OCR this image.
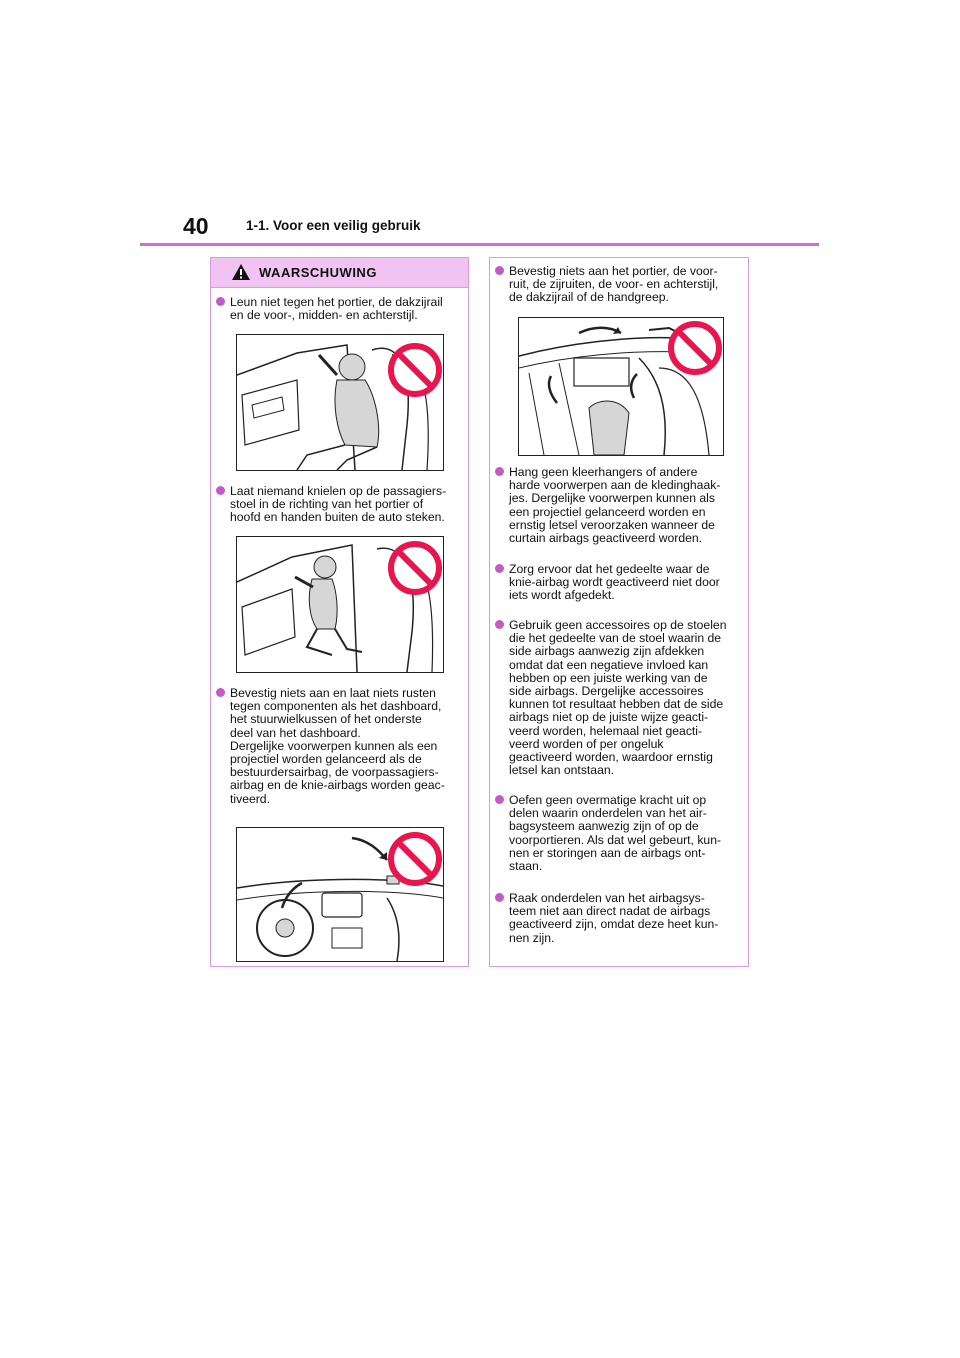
40	1-1. Voor een veilig gebruik
WAARSCHUWING
Leun niet tegen het portier, de dakzijrail
en de voor-, midden- en achterstijl.
Laat niemand knielen op de passagiers-
stoel in de richting van het portier of
hoofd en handen buiten de auto steken.
Bevestig niets aan en laat niets rusten
tegen componenten als het dashboard,
het stuurwielkussen of het onderste
deel van het dashboard.
Dergelijke voorwerpen kunnen als een
projectiel worden gelanceerd als de
bestuurdersairbag, de voorpassagiers-
airbag en de knie-airbags worden geac-
tiveerd.
Bevestig niets aan het portier, de voor-
ruit, de zijruiten, de voor- en achterstijl,
de dakzijrail of de handgreep.
Hang geen kleerhangers of andere
harde voorwerpen aan de kledinghaak-
jes. Dergelijke voorwerpen kunnen als
een projectiel gelanceerd worden en
ernstig letsel veroorzaken wanneer de
curtain airbags geactiveerd worden.
Zorg ervoor dat het gedeelte waar de
knie-airbag wordt geactiveerd niet door
iets wordt afgedekt.
Gebruik geen accessoires op de stoelen
die het gedeelte van de stoel waarin de
side airbags aanwezig zijn afdekken
omdat dat een negatieve invloed kan
hebben op een juiste werking van de
side airbags. Dergelijke accessoires
kunnen tot resultaat hebben dat de side
airbags niet op de juiste wijze geacti-
veerd worden, helemaal niet geacti-
veerd worden of per ongeluk
geactiveerd worden, waardoor ernstig
letsel kan ontstaan.
Oefen geen overmatige kracht uit op
delen waarin onderdelen van het air-
bagsysteem aanwezig zijn of op de
voorportieren. Als dat wel gebeurt, kun-
nen er storingen aan de airbags ont-
staan.
Raak onderdelen van het airbagsys-
teem niet aan direct nadat de airbags
geactiveerd zijn, omdat deze heet kun-
nen zijn.
